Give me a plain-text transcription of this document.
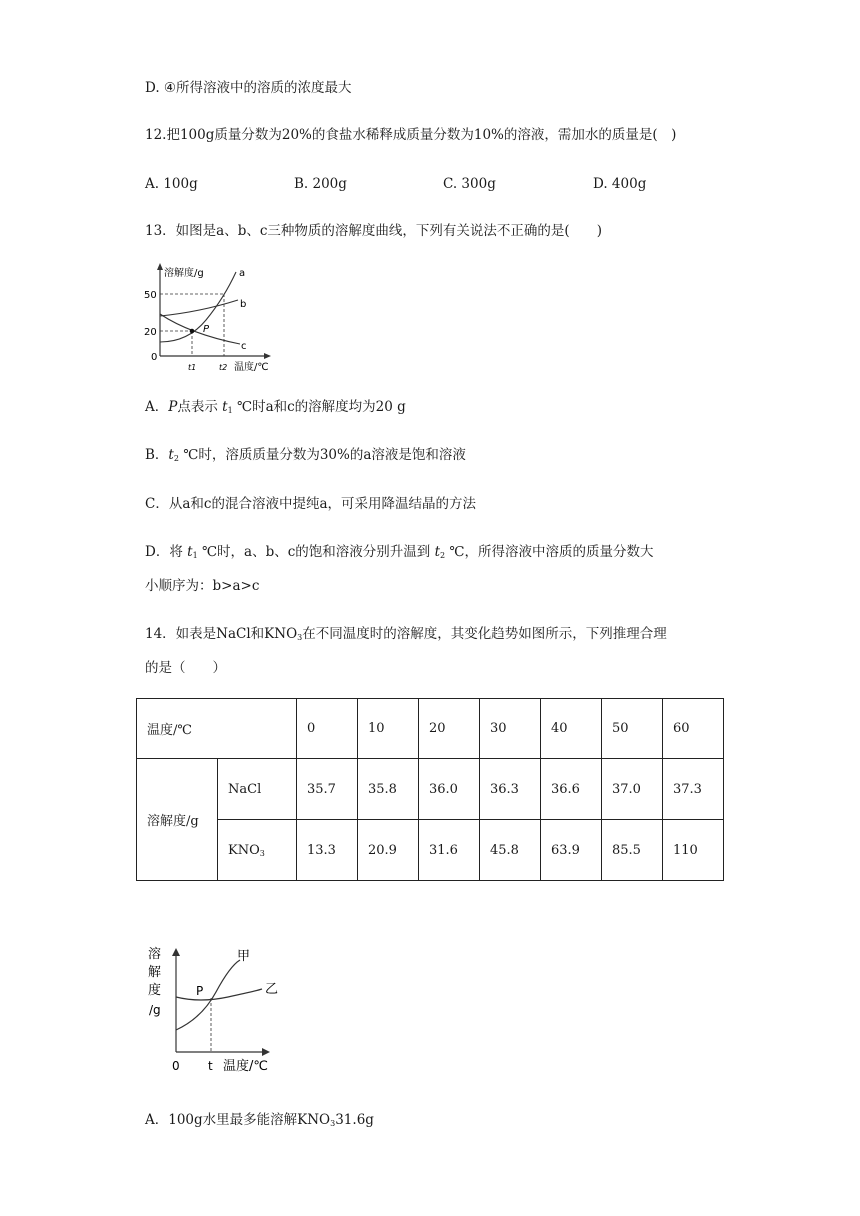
D. ④所得溶液中的溶质的浓度最大
12.把100g质量分数为20%的食盐水稀释成质量分数为10%的溶液，需加水的质量是(　)
A. 100g	B. 200g	C. 300g	D. 400g
13．如图是a、b、c三种物质的溶解度曲线，下列有关说法不正确的是(　　)
溶解度/g
50
20
0
a
b
c
P
t1	t2 温度/℃
A．P点表示 $t_1$ ℃时a和c的溶解度均为20 g
B．$t_2$ ℃时，溶质质量分数为30%的a溶液是饱和溶液
C．从a和c的混合溶液中提纯a，可采用降温结晶的方法
D．将 $t_1$ ℃时，a、b、c的饱和溶液分别升温到 $t_2$ ℃，所得溶液中溶质的质量分数大
小顺序为：b>a>c
14．如表是NaCl和$KNO_3$在不同温度时的溶解度，其变化趋势如图所示，下列推理合理
的是（　　）
温度/℃		0	10	20	30	40	50	60
溶解度/g	NaCl	35.7	35.8	36.0	36.3	36.6	37.0	37.3
	$KNO_3$	13.3	20.9	31.6	45.8	63.9	85.5	110
溶
解
度
/g
甲
乙
P
0 t 温度/℃
A．100g水里最多能溶解$KNO_331.6g$
